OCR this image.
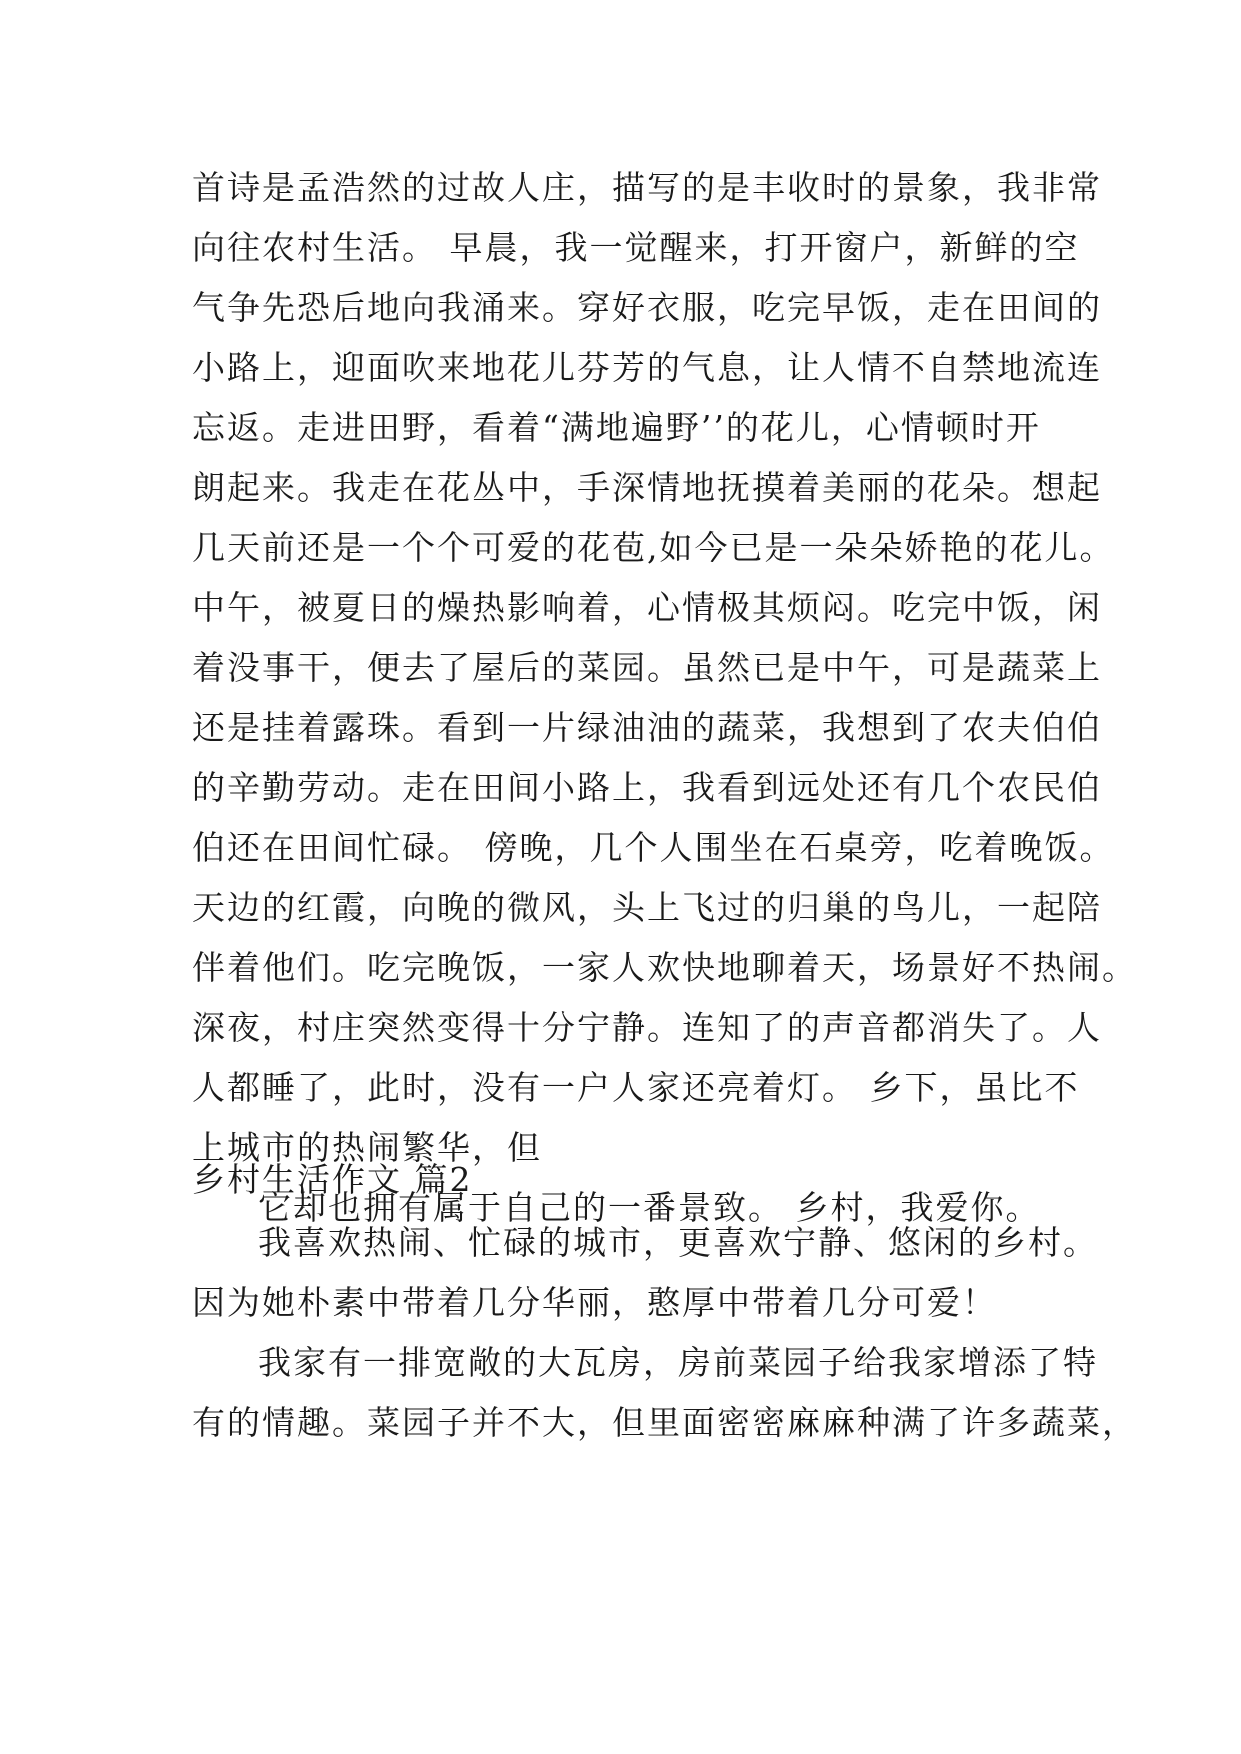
首诗是孟浩然的过故人庄，描写的是丰收时的景象，我非常
向往农村生活。 早晨，我一觉醒来，打开窗户，新鲜的空
气争先恐后地向我涌来。穿好衣服，吃完早饭，走在田间的
小路上，迎面吹来地花儿芬芳的气息，让人情不自禁地流连
忘返。走进田野，看着“满地遍野’’的花儿，心情顿时开
朗起来。我走在花丛中，手深情地抚摸着美丽的花朵。想起
几天前还是一个个可爱的花苞,如今已是一朵朵娇艳的花儿。
中午，被夏日的燥热影响着，心情极其烦闷。吃完中饭，闲
着没事干，便去了屋后的菜园。虽然已是中午，可是蔬菜上
还是挂着露珠。看到一片绿油油的蔬菜，我想到了农夫伯伯
的辛勤劳动。走在田间小路上，我看到远处还有几个农民伯
伯还在田间忙碌。 傍晚，几个人围坐在石桌旁，吃着晚饭。
天边的红霞，向晚的微风，头上飞过的归巢的鸟儿，一起陪
伴着他们。吃完晚饭，一家人欢快地聊着天，场景好不热闹。
深夜，村庄突然变得十分宁静。连知了的声音都消失了。人
人都睡了，此时，没有一户人家还亮着灯。 乡下，虽比不
上城市的热闹繁华，但
它却也拥有属于自己的一番景致。 乡村，我爱你。
乡村生活作文 篇2
我喜欢热闹、忙碌的城市，更喜欢宁静、悠闲的乡村。
因为她朴素中带着几分华丽，憨厚中带着几分可爱！
我家有一排宽敞的大瓦房，房前菜园子给我家增添了特
有的情趣。菜园子并不大，但里面密密麻麻种满了许多蔬菜，
